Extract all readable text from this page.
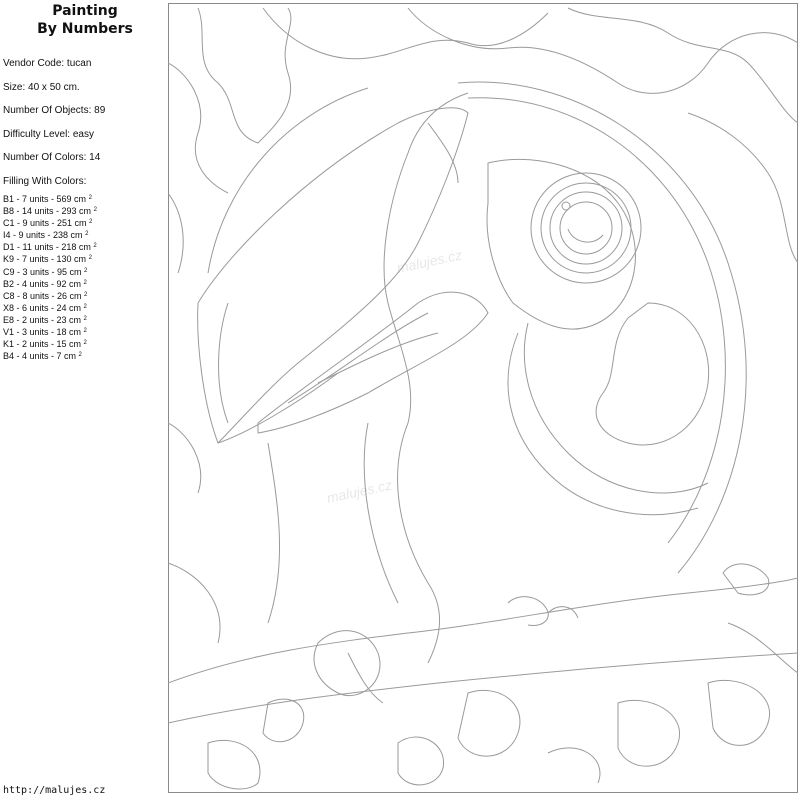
Painting
By Numbers
Vendor Code: tucan
Size: 40 x 50 cm.
Number Of Objects: 89
Difficulty Level: easy
Number Of Colors: 14
Filling With Colors:
B1 - 7 units - 569 cm $^2$
B8 - 14 units - 293 cm $^2$
C1 - 9 units - 251 cm $^2$
I4 - 9 units - 238 cm $^2$
D1 - 11 units - 218 cm $^2$
K9 - 7 units - 130 cm $^2$
C9 - 3 units - 95 cm $^2$
B2 - 4 units - 92 cm $^2$
C8 - 8 units - 26 cm $^2$
X8 - 6 units - 24 cm $^2$
E8 - 2 units - 23 cm $^2$
V1 - 3 units - 18 cm $^2$
K1 - 2 units - 15 cm $^2$
B4 - 4 units - 7 cm $^2$
http://malujes.cz
malujes.cz
malujes.cz
